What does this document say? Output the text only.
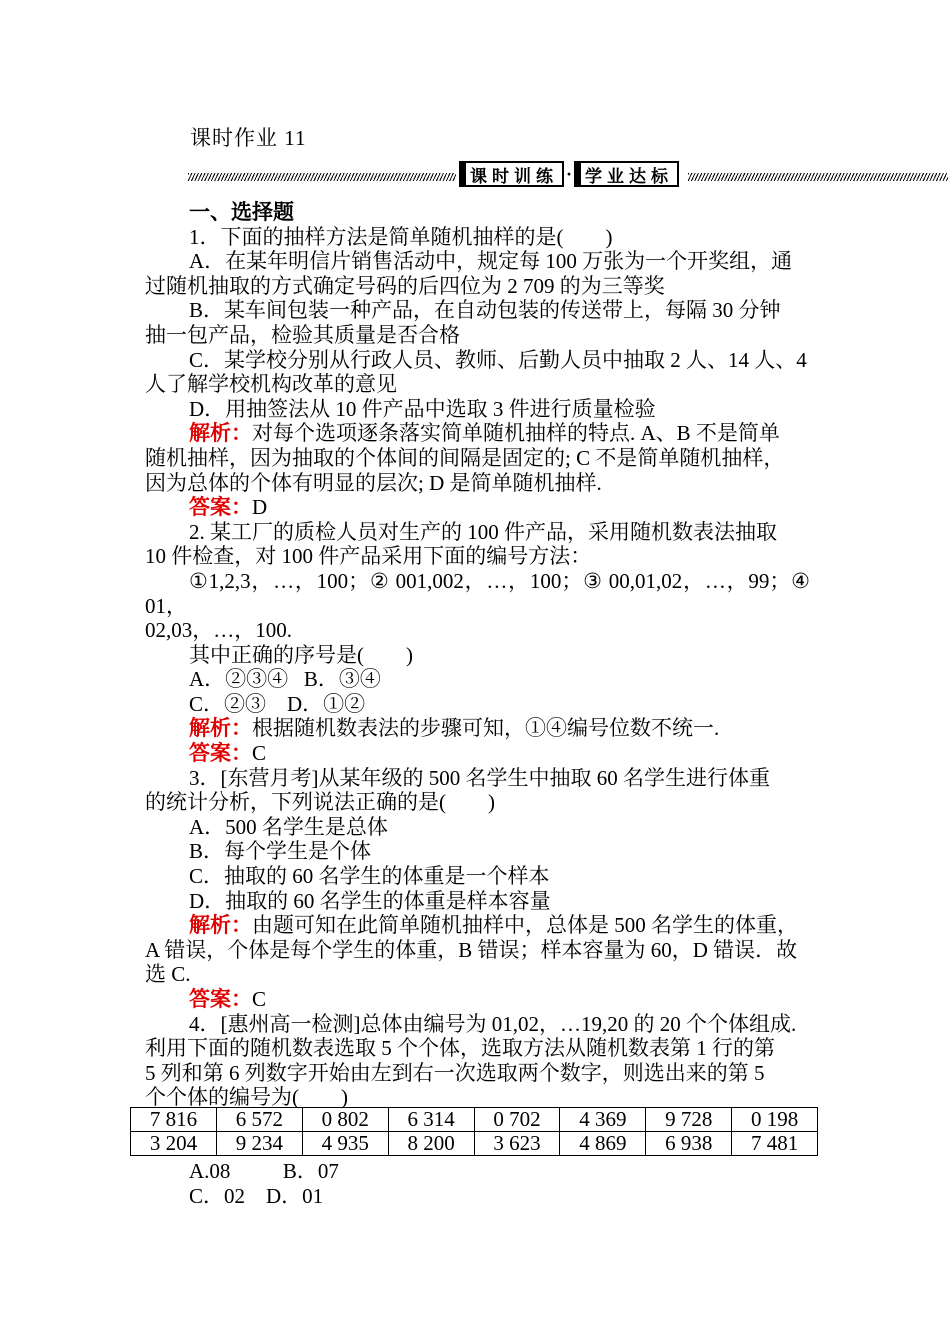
课时作业 11
课时训练 · 学业达标

一、选择题

1．下面的抽样方法是简单随机抽样的是(　　)

A．在某年明信片销售活动中，规定每 100 万张为一个开奖组，通

过随机抽取的方式确定号码的后四位为 2 709 的为三等奖

B．某车间包装一种产品，在自动包装的传送带上，每隔 30 分钟

抽一包产品，检验其质量是否合格

C．某学校分别从行政人员、教师、后勤人员中抽取 2 人、14 人、4

人了解学校机构改革的意见

D．用抽签法从 10 件产品中选取 3 件进行质量检验

解析：对每个选项逐条落实简单随机抽样的特点. A、B 不是简单

随机抽样，因为抽取的个体间的间隔是固定的; C 不是简单随机抽样，

因为总体的个体有明显的层次; D 是简单随机抽样.

答案：D

2. 某工厂的质检人员对生产的 100 件产品，采用随机数表法抽取

10 件检查，对 100 件产品采用下面的编号方法：

①1,2,3，…，100；② 001,002，…，100；③ 00,01,02，…，99；④ 01，

02,03，…，100.

其中正确的序号是(　　)

A．②③④   B．③④

C．②③    D．①②

解析：根据随机数表法的步骤可知，①④编号位数不统一.

答案：C

3．[东营月考]从某年级的 500 名学生中抽取 60 名学生进行体重

的统计分析，下列说法正确的是(　　)

A．500 名学生是总体

B．每个学生是个体

C．抽取的 60 名学生的体重是一个样本

D．抽取的 60 名学生的体重是样本容量

解析：由题可知在此简单随机抽样中，总体是 500 名学生的体重，

A 错误，个体是每个学生的体重，B 错误；样本容量为 60，D 错误．故

选 C.

答案：C

4．[惠州高一检测]总体由编号为 01,02，…19,20 的 20 个个体组成.

利用下面的随机数表选取 5 个个体，选取方法从随机数表第 1 行的第

5 列和第 6 列数字开始由左到右一次选取两个数字，则选出来的第 5

个个体的编号为(　　)

7 816	6 572	0 802	6 314	0 702	4 369	9 728	0 198
3 204	9 234	4 935	8 200	3 623	4 869	6 938	7 481

A.08          B．07

C．02    D．01
